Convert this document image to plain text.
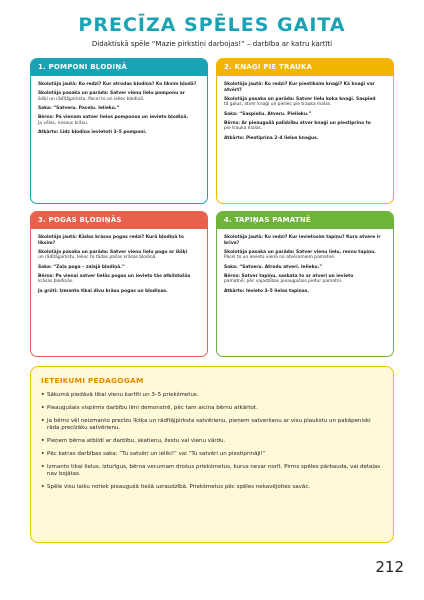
PRECĪZA SPĒLES GAITA
Didaktiskā spēle “Mazie pirkstiņi darbojas!” – darbība ar katru kartīti
1. POMPONI BĻODIŅĀ
Skolotāja jautā: Ko redzi? Kur atrodas bļodiņa? Ko liksim bļodā?
Skolotāja pasaka un parāda: Satver vienu lielu pomponu ar
ikšķi un rādītājpirkstu. Pacel to un ieliec bļodiņā.
Saka: “Satveru. Paceļu. Ielieku.”
Bērns: Pa vienam satver lielos pomponus un ievieto bļodiņā.
Ja vēlas, nosauc krāsu.
Atkārto: Līdz bļodiņa ievietoti 3–5 pomponi.
2. KNAĢI PIE TRAUKA
Skolotāja jautā: Ko redzi? Kur piestiksim knaģi? Kā knaģi var atvērt?
Skolotāja pasaka un parāda: Satver lielu koka knaģi. Saspied
tā galus, atver knaģi un pieliec pie trauka malas.
Saka: “Saspiežu. Atveru. Pielieku.”
Bērns: Ar pieaugušā palīdzību atver knaģi un piestiprina to
pie trauka malas.
Atkārto: Piestiprina 2–4 lielus knaģus.
3. POGAS BĻODIŅĀS
Skolotāja jautā: Kādas krāsas pogas redzi? Kurā bļodiņā to liksim?
Skolotāja pasaka un parāda: Satver vienu lielu pogu ar īkšķi
un rādītājpirkstu. Ieliec to tādas pašas krāsas bļodiņā.
Saka: “Zaļa poga – zaļajā bļodiņā.”
Bērns: Pa vienai satver lielās pogas un ievieto tās atbilstošās
krāsas bļodiņās.
Ja grūti: Izmanto tikai divu krāsu pogas un bļodiņas.
4. TAPIŅAS PAMATNĒ
Skolotāja jautā: Ko redzi? Kur ievietosim tapiņu? Kura atvere ir brīva?
Skolotāja pasaka un parāda: Satver vienu lielu, resnu tapiņu.
Pacel to un ievieto vienā no atvērumiem pamatnē.
Saka: “Satveru. Atrodu atveri. Ielieku.”
Bērns: Satver tapiņu, saskata to ar atveri un ievieto
pamatnē; pēc vajadzības pieaugušais pietur pamatni.
Atkārto: Ievieto 3–5 lielas tapiņas.
IETEIKUMI PEDAGOGAM
• Sākumā piedāvā tikai vienu kartīti un 3–5 priekšmetus.
• Pieaugušais vispirms darbību lēni demonstrē, pēc tam aicina bērnu atkārtot.
• Ja bērns vēl neizmanto precīzu īkšķa un rādītājpirksta satvērienu, pieņem satveršanu ar visu plaukstu un pakāpeniski rāda precīzāku satvērienu.
• Pieņem bērna atbildi ar darbību, skatienu, žestu vai vienu vārdu.
• Pēc katras darbības saka: “Tu satvēri un ieliki!” vai “Tu satvēri un piestiprināji!”
• Izmanto tikai lielus, izturīgus, bērna vecumam drošus priekšmetus, kurus nevar norīt. Pirms spēles pārbauda, vai detaļas nav bojātas.
• Spēle visu laiku notiek pieaugušā tiešā uzraudzībā. Priekšmetus pēc spēles nekavējoties savāc.
212
